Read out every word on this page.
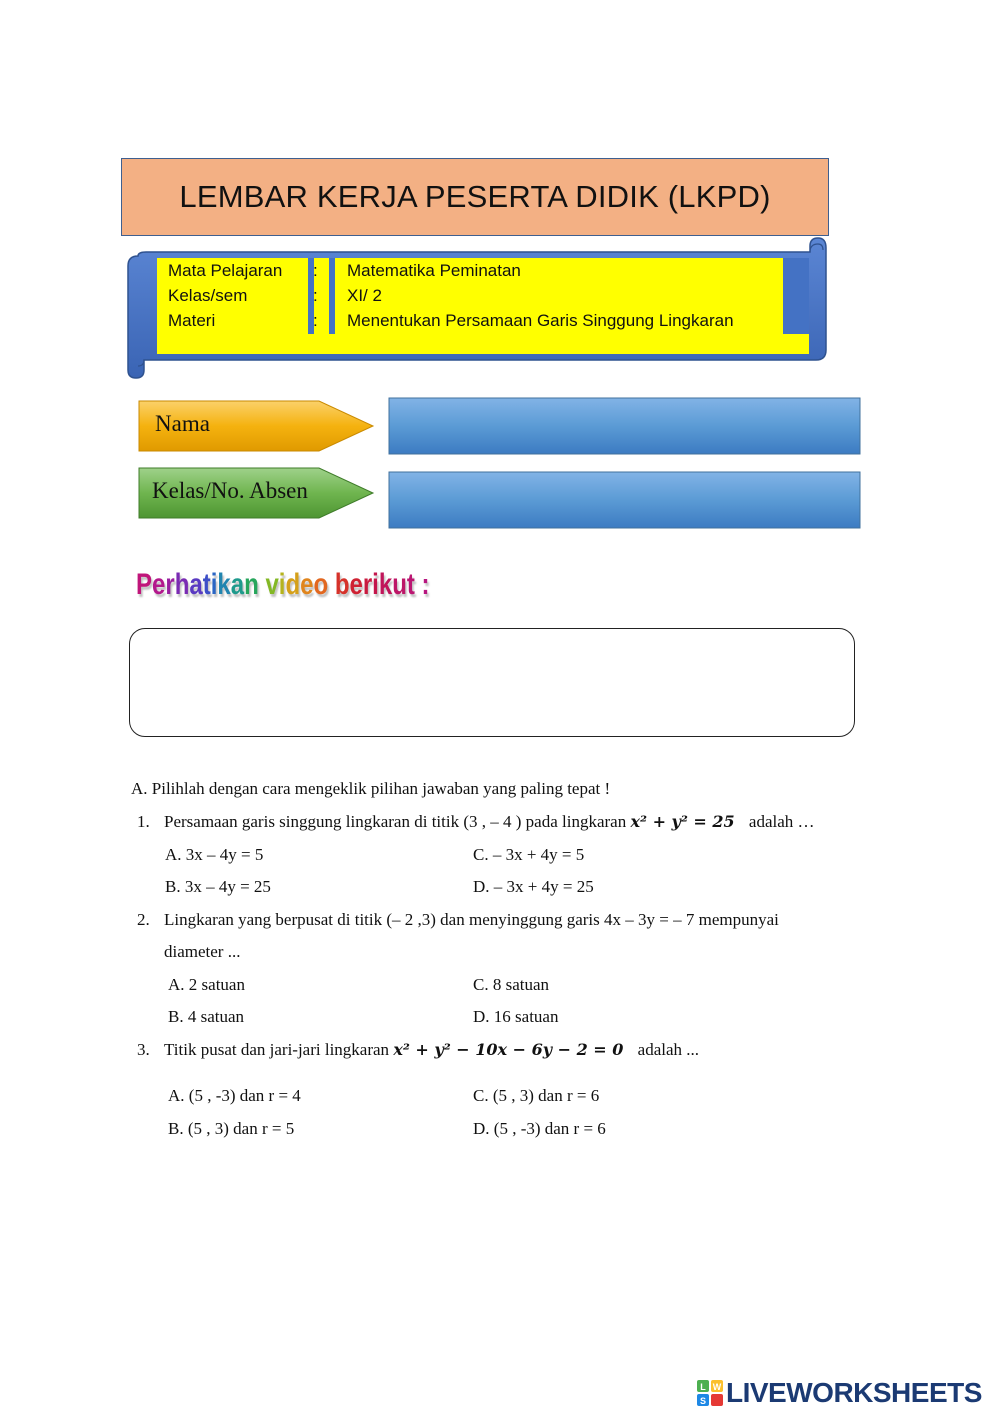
LEMBAR KERJA PESERTA DIDIK (LKPD)
Mata Pelajaran	:	Matematika Peminatan
Kelas/sem	:	XI/ 2
Materi	:	Menentukan Persamaan Garis Singgung Lingkaran
Nama
Kelas/No. Absen
Perhatikan video berikut :
A. Pilihlah dengan cara mengeklik pilihan jawaban yang paling tepat !
1. Persamaan garis singgung lingkaran di titik (3 , – 4 ) pada lingkaran x² + y² = 25 adalah …
A. 3x – 4y = 5	C. – 3x + 4y = 5
B. 3x – 4y = 25	D. – 3x + 4y = 25
2. Lingkaran yang berpusat di titik (– 2 ,3) dan menyinggung garis 4x – 3y = – 7 mempunyai
diameter ...
A. 2 satuan	C. 8 satuan
B. 4 satuan	D. 16 satuan
3. Titik pusat dan jari-jari lingkaran x² + y² − 10x − 6y − 2 = 0 adalah ...
A. (5 , -3) dan r = 4	C. (5 , 3) dan r = 6
B. (5 , 3) dan r = 5	D. (5 , -3) dan r = 6
L W
S LIVEWORKSHEETS
